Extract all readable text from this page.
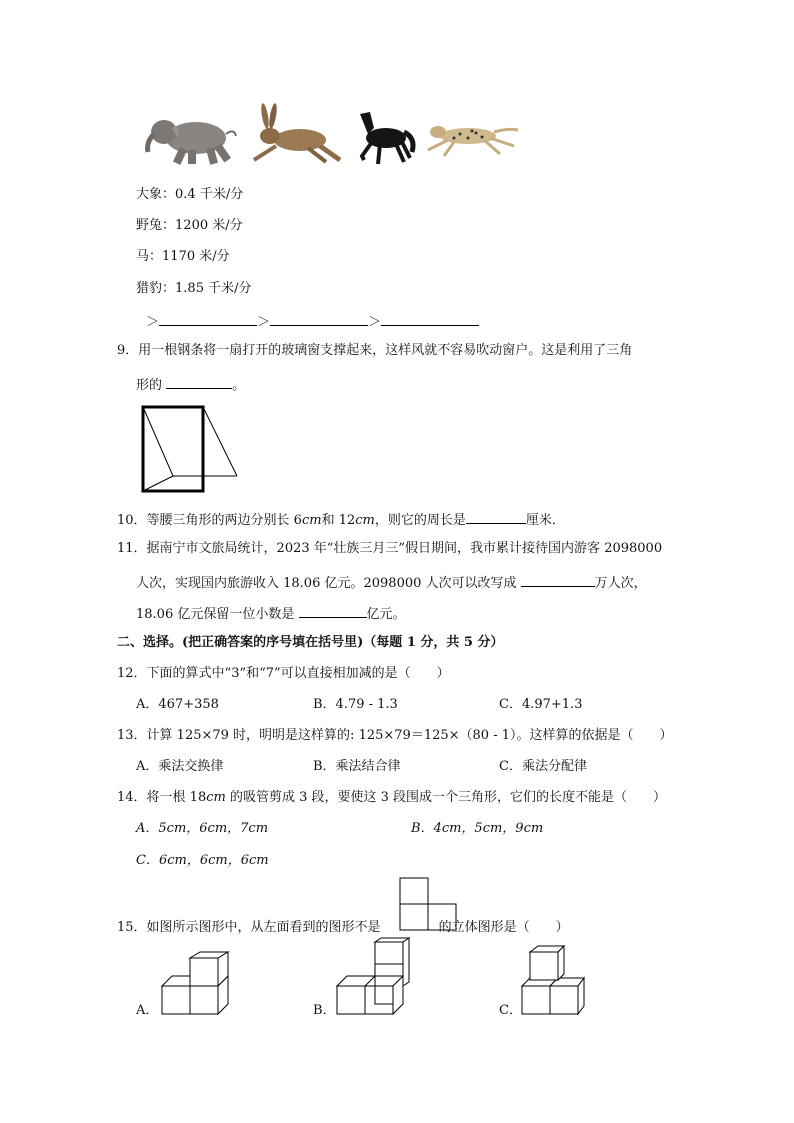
大象：0.4 千米/分
野兔：1200 米/分
马：1170 米/分
猎豹：1.85 千米/分
＞	＞	＞
9．用一根钢条将一扇打开的玻璃窗支撑起来，这样风就不容易吹动窗户。这是利用了三角
形的	。
10．等腰三角形的两边分别长 6cm和 12cm，则它的周长是	厘米．
11．据南宁市文旅局统计，2023 年“壮族三月三”假日期间，我市累计接待国内游客 2098000
人次，实现国内旅游收入 18.06 亿元。2098000 人次可以改写成	万人次，
18.06 亿元保留一位小数是	亿元。
二、选择。(把正确答案的序号填在括号里)（每题 1 分，共 5 分）
12．下面的算式中“3”和“7”可以直接相加减的是（　　）
A．467+358	B．4.79 - 1.3	C．4.97+1.3
13．计算 125×79 时，明明是这样算的: 125×79＝125×（80 - 1）。这样算的依据是（　　）
A．乘法交换律	B．乘法结合律	C．乘法分配律
14．将一根 18cm 的吸管剪成 3 段，要使这 3 段围成一个三角形，它们的长度不能是（　　）
A．5cm，6cm，7cm	B．4cm，5cm，9cm
C．6cm，6cm，6cm
15．如图所示图形中，从左面看到的图形不是	的立体图形是（　　）
A．	B．	C．
